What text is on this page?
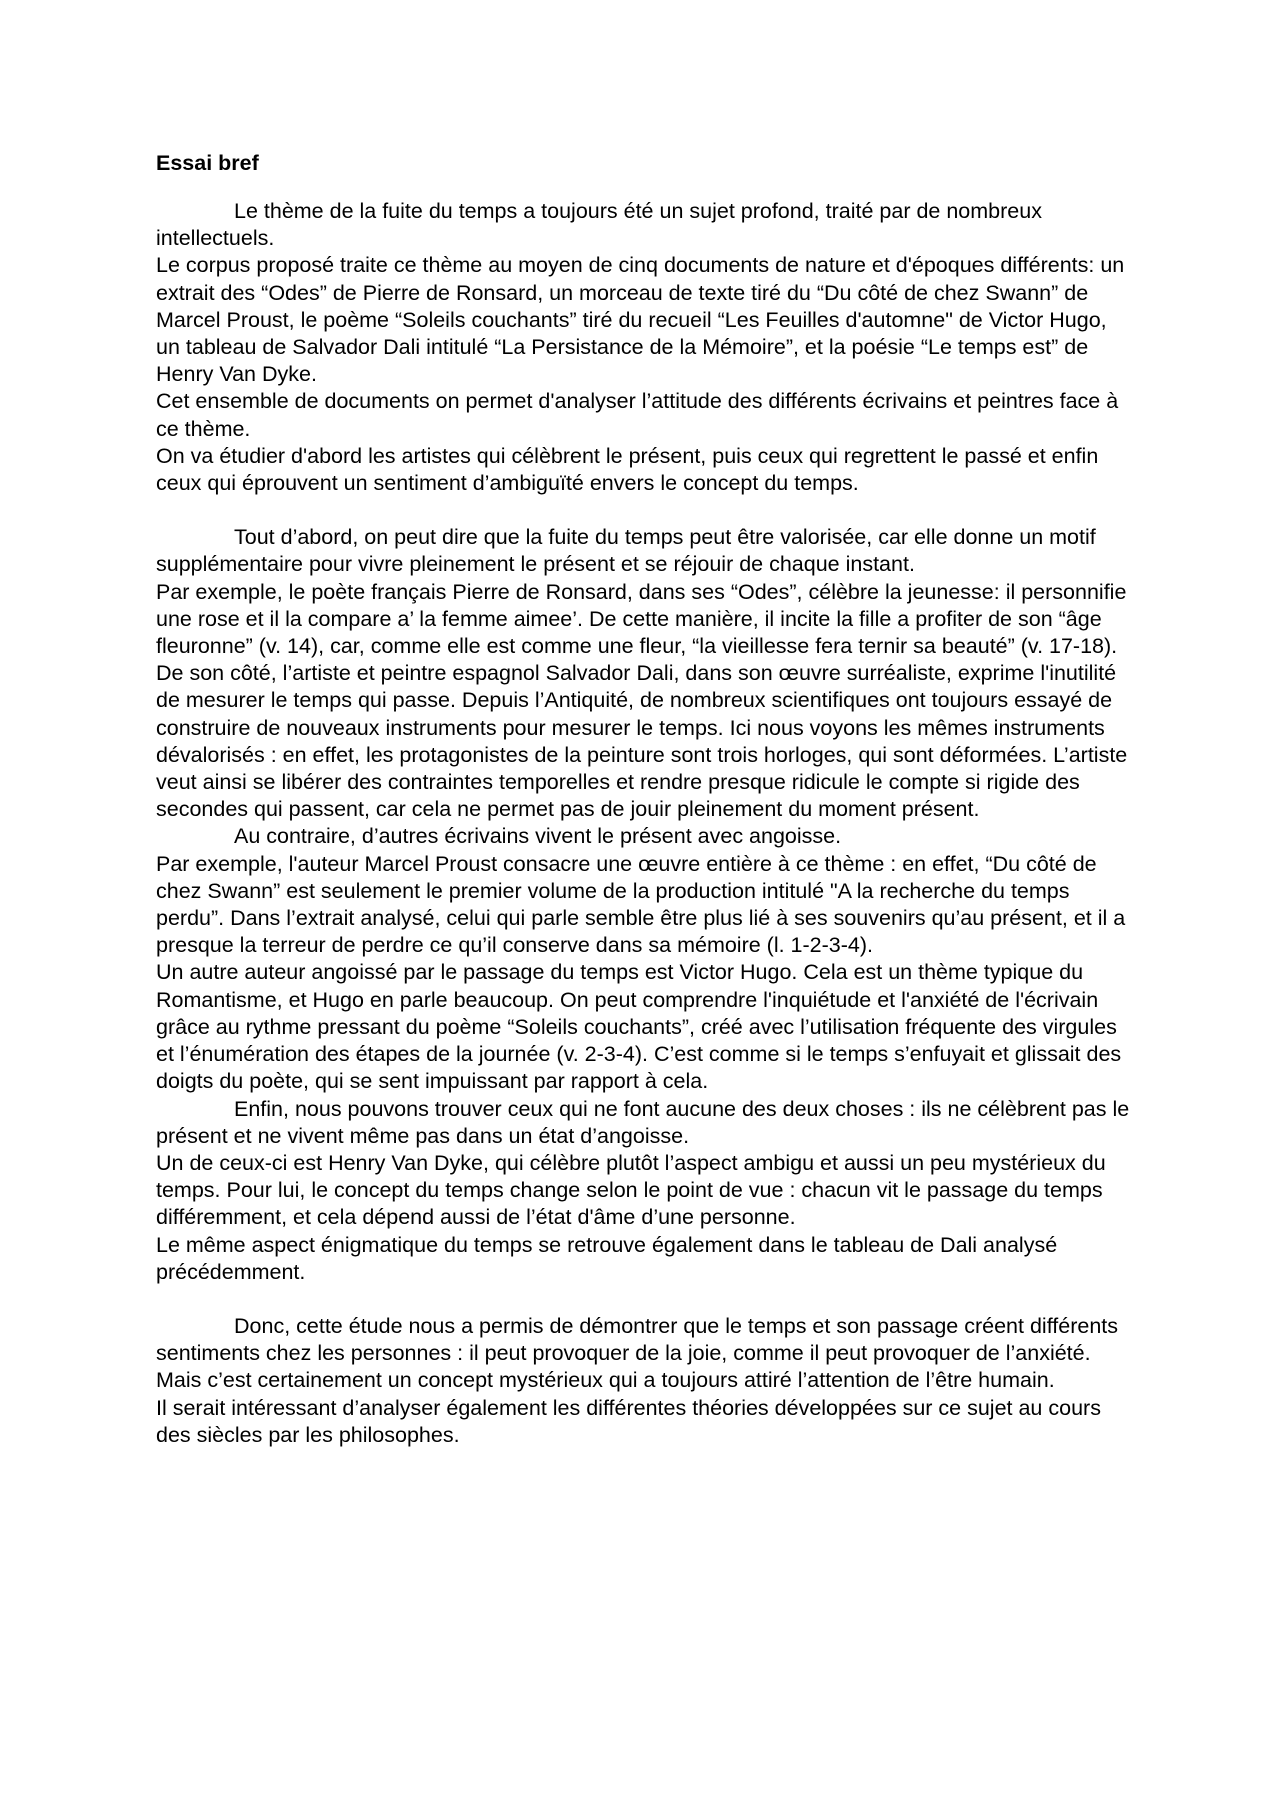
Essai bref

Le thème de la fuite du temps a toujours été un sujet profond, traité par de nombreux intellectuels.

Le corpus proposé traite ce thème au moyen de cinq documents de nature et d'époques différents: un extrait des “Odes” de Pierre de Ronsard, un morceau de texte tiré du “Du côté de chez Swann” de Marcel Proust, le poème “Soleils couchants” tiré du recueil “Les Feuilles d'automne" de Victor Hugo, un tableau de Salvador Dali intitulé “La Persistance de la Mémoire”, et la poésie “Le temps est” de Henry Van Dyke.

Cet ensemble de documents on permet d'analyser l’attitude des différents écrivains et peintres face à ce thème.

On va étudier d'abord les artistes qui célèbrent le présent, puis ceux qui regrettent le passé et enfin ceux qui éprouvent un sentiment d’ambiguïté envers le concept du temps.

Tout d’abord, on peut dire que la fuite du temps peut être valorisée, car elle donne un motif supplémentaire pour vivre pleinement le présent et se réjouir de chaque instant.

Par exemple, le poète français Pierre de Ronsard, dans ses “Odes”, célèbre la jeunesse: il personnifie une rose et il la compare a’ la femme aimee’. De cette manière, il incite la fille a profiter de son “âge fleuronne” (v. 14), car, comme elle est comme une fleur, “la vieillesse fera ternir sa beauté” (v. 17-18).

De son côté, l’artiste et peintre espagnol Salvador Dali, dans son œuvre surréaliste, exprime l'inutilité de mesurer le temps qui passe. Depuis l’Antiquité, de nombreux scientifiques ont toujours essayé de construire de nouveaux instruments pour mesurer le temps. Ici nous voyons les mêmes instruments dévalorisés : en effet, les protagonistes de la peinture sont trois horloges, qui sont déformées. L’artiste veut ainsi se libérer des contraintes temporelles et rendre presque ridicule le compte si rigide des secondes qui passent, car cela ne permet pas de jouir pleinement du moment présent.

Au contraire, d’autres écrivains vivent le présent avec angoisse.

Par exemple, l'auteur Marcel Proust consacre une œuvre entière à ce thème : en effet, “Du côté de chez Swann” est seulement le premier volume de la production intitulé "A la recherche du temps perdu”. Dans l’extrait analysé, celui qui parle semble être plus lié à ses souvenirs qu’au présent, et il a presque la terreur de perdre ce qu’il conserve dans sa mémoire (l. 1-2-3-4).

Un autre auteur angoissé par le passage du temps est Victor Hugo. Cela est un thème typique du Romantisme, et Hugo en parle beaucoup. On peut comprendre l'inquiétude et l'anxiété de l'écrivain grâce au rythme pressant du poème “Soleils couchants”, créé avec l’utilisation fréquente des virgules et l’énumération des étapes de la journée (v. 2-3-4). C’est comme si le temps s’enfuyait et glissait des doigts du poète, qui se sent impuissant par rapport à cela.

Enfin, nous pouvons trouver ceux qui ne font aucune des deux choses : ils ne célèbrent pas le présent et ne vivent même pas dans un état d’angoisse.

Un de ceux-ci est Henry Van Dyke, qui célèbre plutôt l’aspect ambigu et aussi un peu mystérieux du temps. Pour lui, le concept du temps change selon le point de vue : chacun vit le passage du temps différemment, et cela dépend aussi de l’état d'âme d’une personne.

Le même aspect énigmatique du temps se retrouve également dans le tableau de Dali analysé précédemment.

Donc, cette étude nous a permis de démontrer que le temps et son passage créent différents sentiments chez les personnes : il peut provoquer de la joie, comme il peut provoquer de l’anxiété. Mais c’est certainement un concept mystérieux qui a toujours attiré l’attention de l’être humain.

Il serait intéressant d’analyser également les différentes théories développées sur ce sujet au cours des siècles par les philosophes.
